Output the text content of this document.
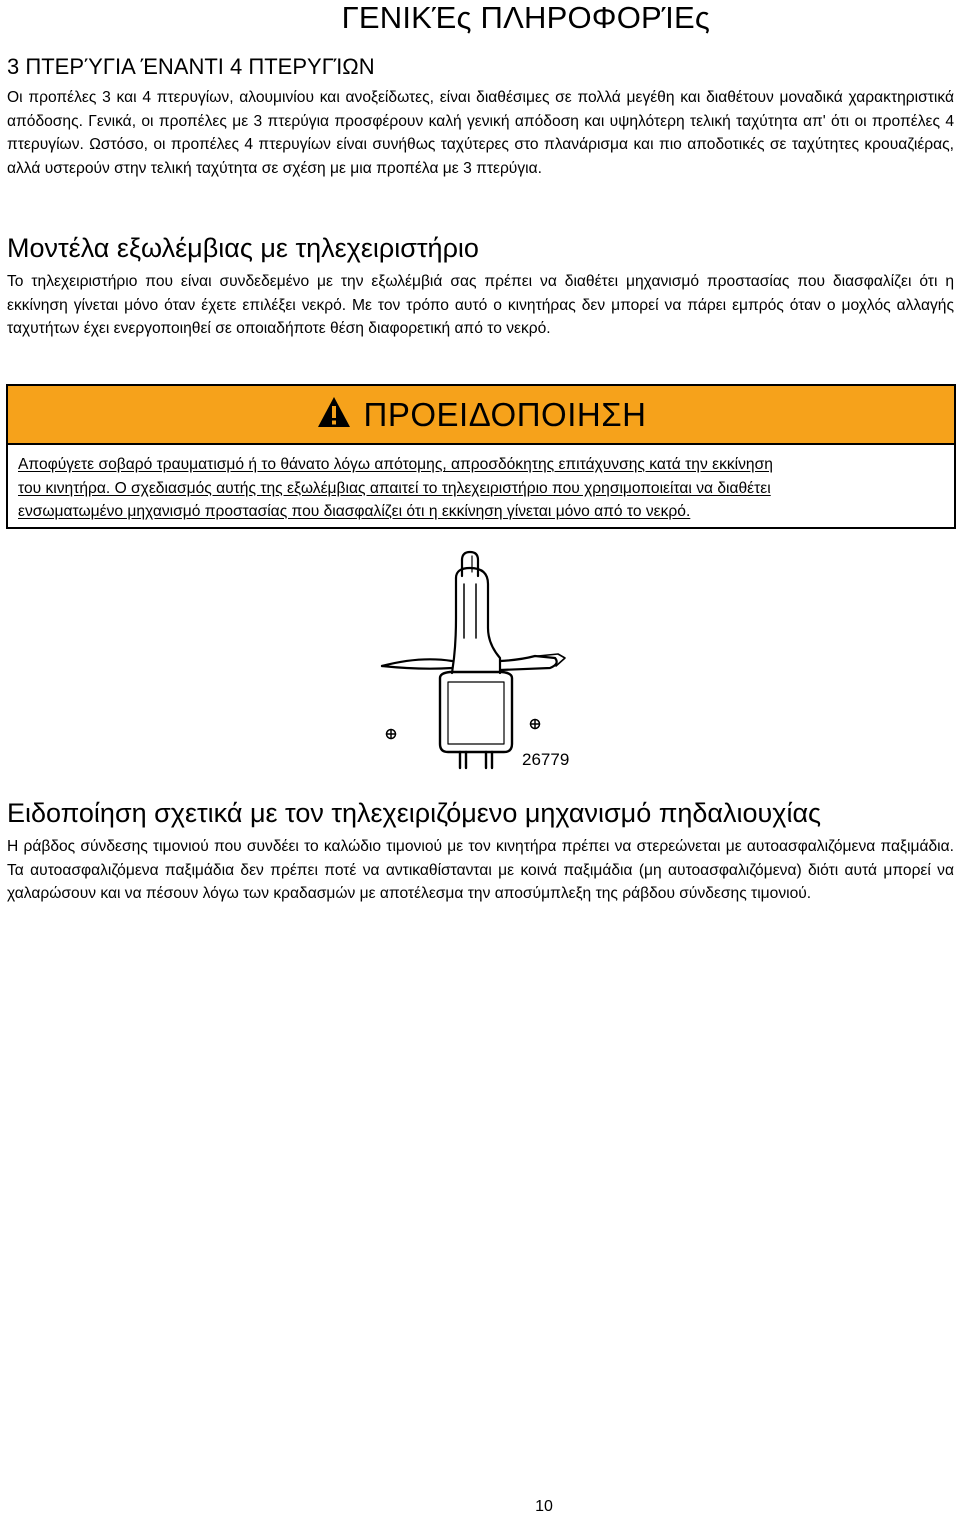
ΓΕΝΙΚΈς ΠΛΗΡΟΦΟΡΊΕς
3 ΠΤΕΡΎΓΙΑ ΈΝΑΝΤΙ 4 ΠΤΕΡΥΓΊΩΝ

Οι προπέλες 3 και 4 πτερυγίων, αλουμινίου και ανοξείδωτες, είναι διαθέσιμες σε πολλά μεγέθη και διαθέτουν μοναδικά χαρακτηριστικά απόδοσης. Γενικά, οι προπέλες με 3 πτερύγια προσφέρουν καλή γενική απόδοση και υψηλότερη τελική ταχύτητα απ' ότι οι προπέλες 4 πτερυγίων. Ωστόσο, οι προπέλες 4 πτερυγίων είναι συνήθως ταχύτερες στο πλανάρισμα και πιο αποδοτικές σε ταχύτητες κρουαζιέρας, αλλά υστερούν στην τελική ταχύτητα σε σχέση με μια προπέλα με 3 πτερύγια.

Μοντέλα εξωλέμβιας με τηλεχειριστήριο

Το τηλεχειριστήριο που είναι συνδεδεμένο με την εξωλέμβιά σας πρέπει να διαθέτει μηχανισμό προστασίας που διασφαλίζει ότι η εκκίνηση γίνεται μόνο όταν έχετε επιλέξει νεκρό. Με τον τρόπο αυτό ο κινητήρας δεν μπορεί να πάρει εμπρός όταν ο μοχλός αλλαγής ταχυτήτων έχει ενεργοποιηθεί σε οποιαδήποτε θέση διαφορετική από το νεκρό.

ΠΡΟΕΙΔΟΠΟΙΗΣΗ
Αποφύγετε σοβαρό τραυματισμό ή το θάνατο λόγω απότομης, απροσδόκητης επιτάχυνσης κατά την εκκίνηση
του κινητήρα. Ο σχεδιασμός αυτής της εξωλέμβιας απαιτεί το τηλεχειριστήριο που χρησιμοποιείται να διαθέτει
ενσωματωμένο μηχανισμό προστασίας που διασφαλίζει ότι η εκκίνηση γίνεται μόνο από το νεκρό.
26779
Ειδοποίηση σχετικά με τον τηλεχειριζόμενο μηχανισμό πηδαλιουχίας

Η ράβδος σύνδεσης τιμονιού που συνδέει το καλώδιο τιμονιού με τον κινητήρα πρέπει να στερεώνεται με αυτοασφαλιζόμενα παξιμάδια. Τα αυτοασφαλιζόμενα παξιμάδια δεν πρέπει ποτέ να αντικαθίστανται με κοινά παξιμάδια (μη αυτοασφαλιζόμενα) διότι αυτά μπορεί να χαλαρώσουν και να πέσουν λόγω των κραδασμών με αποτέλεσμα την αποσύμπλεξη της ράβδου σύνδεσης τιμονιού.

10
